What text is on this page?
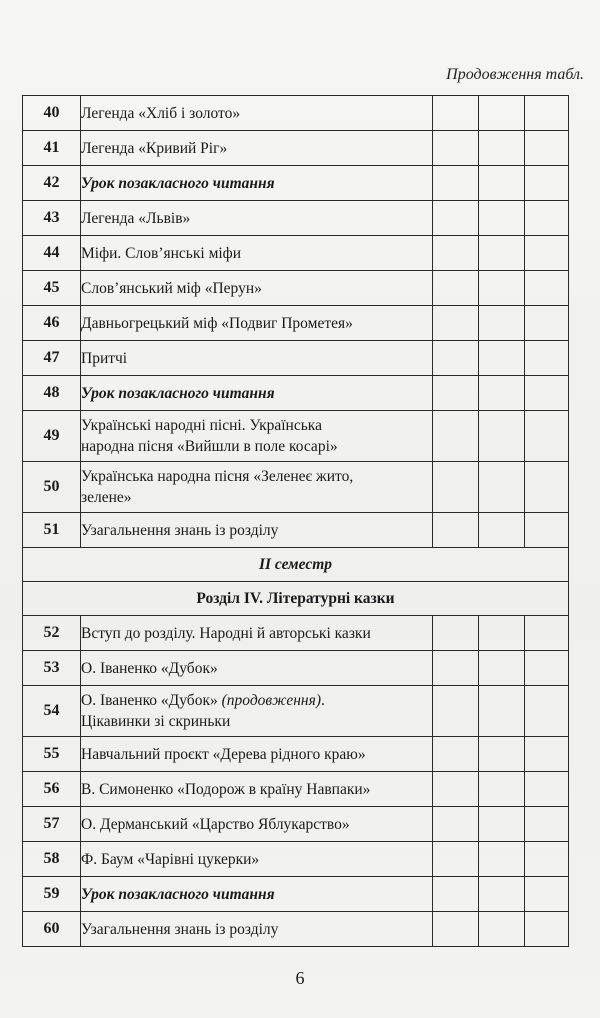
Продовження табл.
40	Легенда «Хліб і золото»			
41	Легенда «Кривий Ріг»			
42	Урок позакласного читання			
43	Легенда «Львів»			
44	Міфи. Слов’янські міфи			
45	Слов’янський міф «Перун»			
46	Давньогрецький міф «Подвиг Прометея»			
47	Притчі			
48	Урок позакласного читання			
49	Українські народні пісні. Українська
народна пісня «Вийшли в поле косарі»			
50	Українська народна пісня «Зеленеє жито,
зелене»			
51	Узагальнення знань із розділу			
ІІ семестр				
Розділ IV. Літературні казки				
52	Вступ до розділу. Народні й авторські казки			
53	О. Іваненко «Дубок»			
54	О. Іваненко «Дубок» (продовження).
Цікавинки зі скриньки			
55	Навчальний проєкт «Дерева рідного краю»			
56	В. Симоненко «Подорож в країну Навпаки»			
57	О. Дерманський «Царство Яблукарство»			
58	Ф. Баум «Чарівні цукерки»			
59	Урок позакласного читання			
60	Узагальнення знань із розділу			
6
